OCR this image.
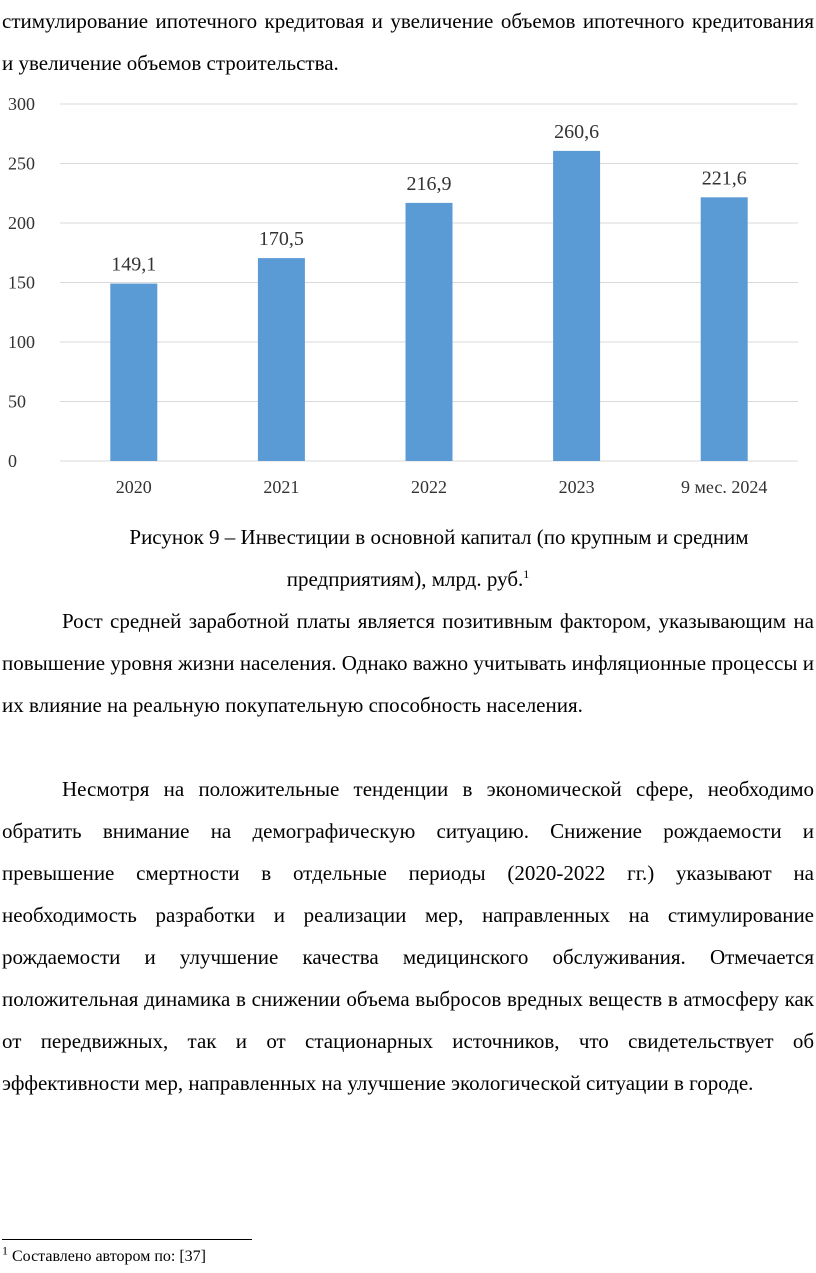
стимулирование ипотечного кредитовая и увеличение объемов ипотечного кредитования и увеличение объемов строительства.

0
50
100
150
200
250
300
149,1
170,5
216,9
260,6
221,6
2020	2021	2022	2023	9 мес. 2024
Рисунок 9 – Инвестиции в основной капитал (по крупным и средним
предприятиям), млрд. руб.$^1$

Рост средней заработной платы является позитивным фактором, указывающим на повышение уровня жизни населения. Однако важно учитывать инфляционные процессы и их влияние на реальную покупательную способность населения.

Несмотря на положительные тенденции в экономической сфере, необходимо обратить внимание на демографическую ситуацию. Снижение рождаемости и превышение смертности в отдельные периоды (2020-2022 гг.) указывают на необходимость разработки и реализации мер, направленных на стимулирование рождаемости и улучшение качества медицинского обслуживания. Отмечается положительная динамика в снижении объема выбросов вредных веществ в атмосферу как от передвижных, так и от стационарных источников, что свидетельствует об эффективности мер, направленных на улучшение экологической ситуации в городе.

$^1$ Составлено автором по: [37]
